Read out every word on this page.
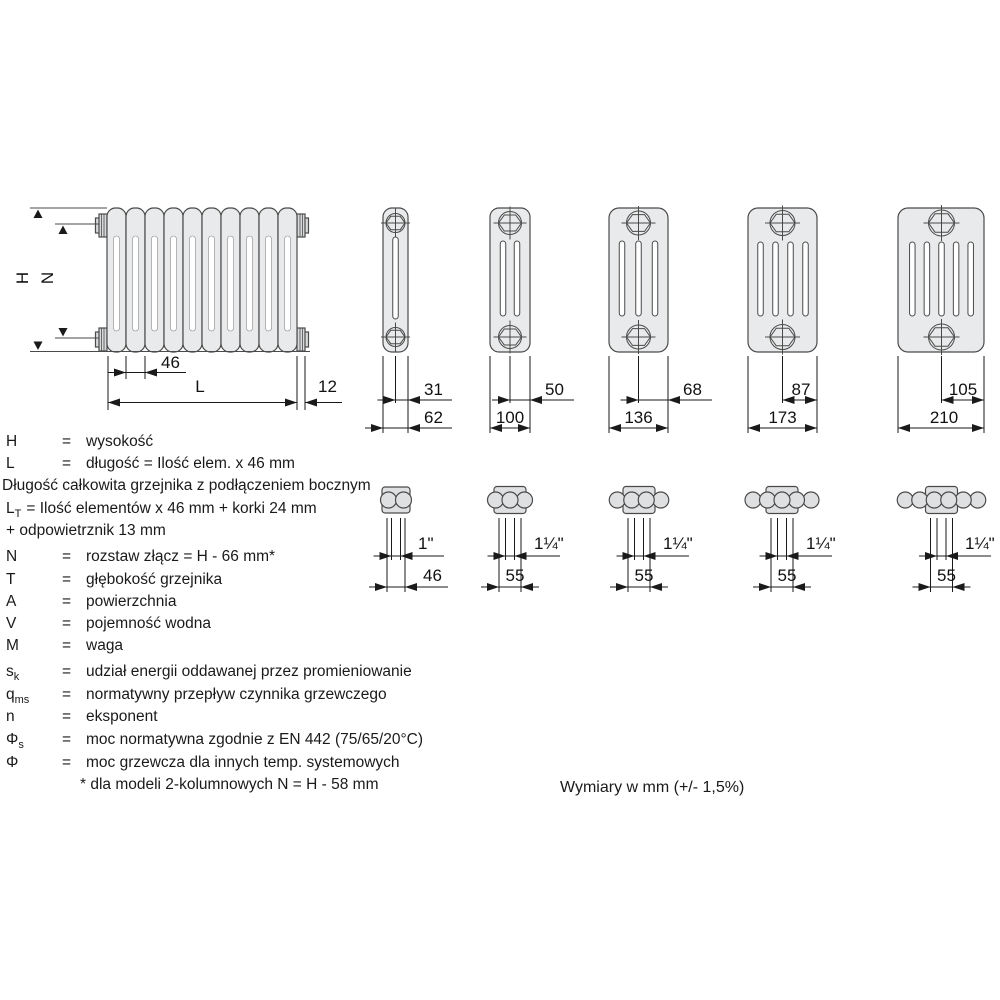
H N
46
L	12	31
62
50
100
68
136
87
173
105
210
1"
46
1¼"
55
1¼"
55
1¼"
55
1¼"
55
H	= wysokość
L	= długość = Ilość elem. x 46 mm
Długość całkowita grzejnika z podłączeniem bocznym
$L_T$ = Ilość elementów x 46 mm + korki 24 mm
+ odpowietrznik 13 mm
N	= rozstaw złącz = H - 66 mm*
T	= głębokość grzejnika
A	= powierzchnia
V	= pojemność wodna
M	= waga
$s_k$	= udział energii oddawanej przez promieniowanie
$q_{ms}$ = normatywny przepływ czynnika grzewczego
n	= eksponent
$\Phi_s$ = moc normatywna zgodnie z EN 442 (75/65/20°C)
Φ	= moc grzewcza dla innych temp. systemowych
* dla modeli 2-kolumnowych N = H - 58 mm	Wymiary w mm (+/- 1,5%)
